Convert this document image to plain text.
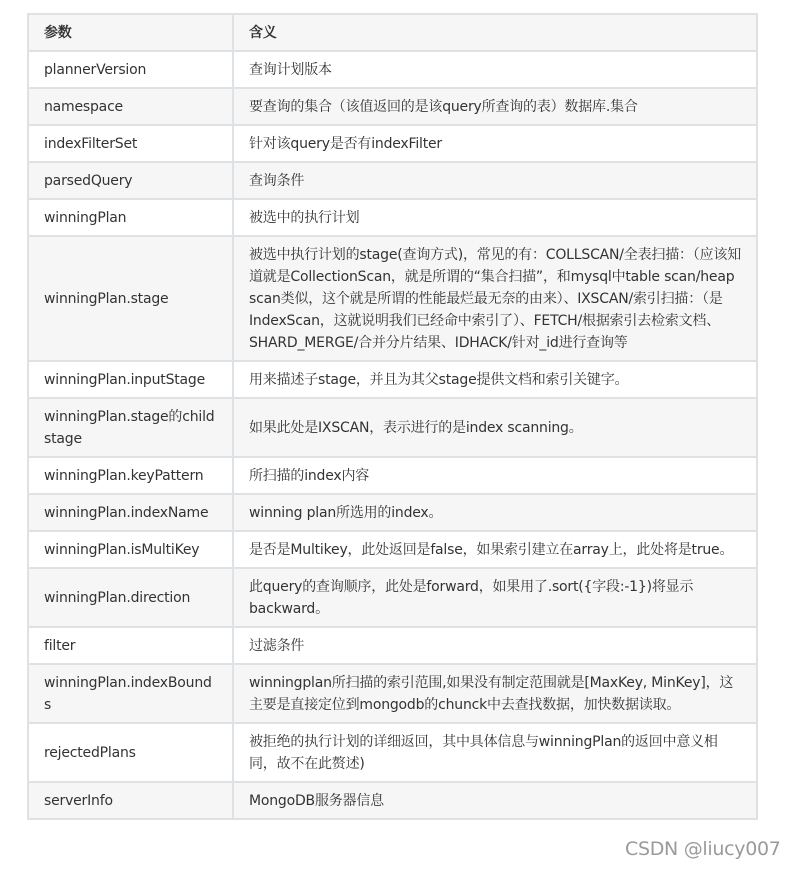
参数	含义
plannerVersion	查询计划版本
namespace	要查询的集合（该值返回的是该query所查询的表）数据库.集合
indexFilterSet	针对该query是否有indexFilter
parsedQuery	查询条件
winningPlan	被选中的执行计划
winningPlan.stage	被选中执行计划的stage(查询方式)，常见的有：COLLSCAN/全表扫描：（应该知道就是CollectionScan，就是所谓的“集合扫描”，和mysql中table scan/heap scan类似，这个就是所谓的性能最烂最无奈的由来）、IXSCAN/索引扫描：（是IndexScan，这就说明我们已经命中索引了）、FETCH/根据索引去检索文档、SHARD_MERGE/合并分片结果、IDHACK/针对_id进行查询等
winningPlan.inputStage	用来描述子stage，并且为其父stage提供文档和索引关键字。
winningPlan.stage的child stage	如果此处是IXSCAN，表示进行的是index scanning。
winningPlan.keyPattern	所扫描的index内容
winningPlan.indexName	winning plan所选用的index。
winningPlan.isMultiKey	是否是Multikey，此处返回是false，如果索引建立在array上，此处将是true。
winningPlan.direction	此query的查询顺序，此处是forward，如果用了.sort({字段:-1})将显示backward。
filter	过滤条件
winningPlan.indexBounds	winningplan所扫描的索引范围,如果没有制定范围就是[MaxKey, MinKey]，这主要是直接定位到mongodb的chunck中去查找数据，加快数据读取。
rejectedPlans	被拒绝的执行计划的详细返回，其中具体信息与winningPlan的返回中意义相同，故不在此赘述)
serverInfo	MongoDB服务器信息
CSDN @liucy007
